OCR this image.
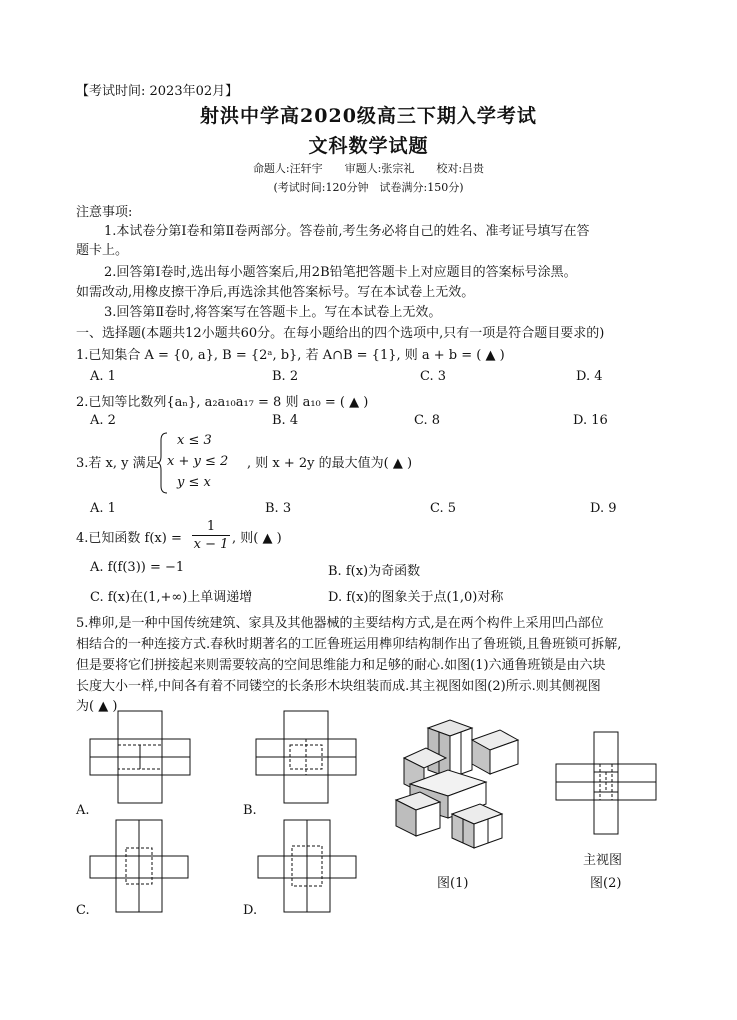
【考试时间: 2023年02月】
射洪中学高2020级高三下期入学考试
文科数学试题
命题人:汪轩宇　　审题人:张宗礼　　校对:吕贵
(考试时间:120分钟　试卷满分:150分)
注意事项:
1.本试卷分第Ⅰ卷和第Ⅱ卷两部分。答卷前,考生务必将自己的姓名、准考证号填写在答
题卡上。
2.回答第Ⅰ卷时,选出每小题答案后,用2B铅笔把答题卡上对应题目的答案标号涂黑。
如需改动,用橡皮擦干净后,再选涂其他答案标号。写在本试卷上无效。
3.回答第Ⅱ卷时,将答案写在答题卡上。写在本试卷上无效。
一、选择题(本题共12小题共60分。在每小题给出的四个选项中,只有一项是符合题目要求的)
1.已知集合 A = {0, a}, B = {2ᵃ, b}, 若 A∩B = {1}, 则 a + b = ( ▲ )
A. 1	B. 2	C. 3	D. 4
2.已知等比数列{aₙ}, a₂a₁₀a₁₇ = 8 则 a₁₀ = ( ▲ )
A. 2	B. 4	C. 8	D. 16
3.若 x, y 满足
x ≤ 3
x + y ≤ 2
y ≤ x
, 则 x + 2y 的最大值为( ▲ )
A. 1	B. 3	C. 5	D. 9
4.已知函数 f(x) =
1
x − 1 , 则( ▲ )
A. f(f(3)) = −1	B. f(x)为奇函数
C. f(x)在(1,+∞)上单调递增	D. f(x)的图象关于点(1,0)对称
5.榫卯,是一种中国传统建筑、家具及其他器械的主要结构方式,是在两个构件上采用凹凸部位
相结合的一种连接方式.春秋时期著名的工匠鲁班运用榫卯结构制作出了鲁班锁,且鲁班锁可拆解,
但是要将它们拼接起来则需要较高的空间思维能力和足够的耐心.如图(1)六通鲁班锁是由六块
长度大小一样,中间各有着不同镂空的长条形木块组装而成.其主视图如图(2)所示.则其侧视图
为( ▲ )
A.	B.
C.	D.
图(1)
主视图
图(2)
